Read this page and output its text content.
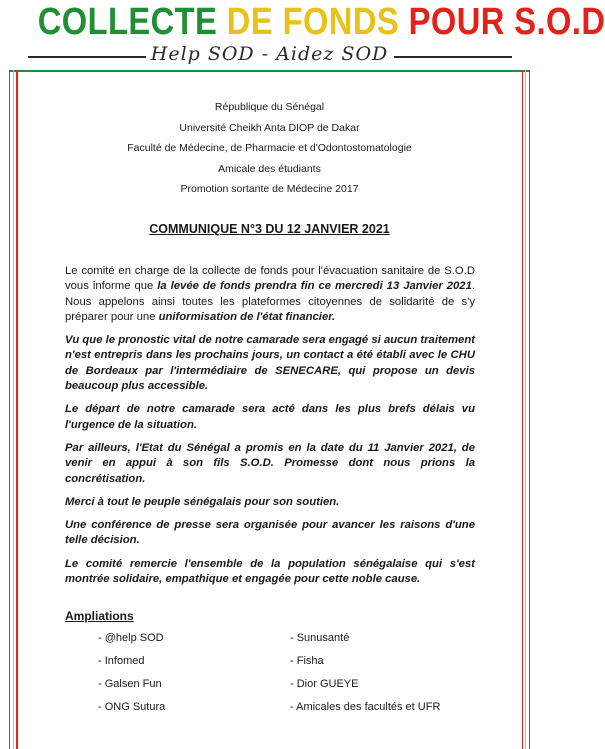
COLLECTE DE FONDS POUR S.O.D
Help SOD - Aidez SOD
République du Sénégal
Université Cheikh Anta DIOP de Dakar
Faculté de Médecine, de Pharmacie et d'Odontostomatologie
Amicale des étudiants
Promotion sortante de Médecine 2017
COMMUNIQUE N°3 DU 12 JANVIER 2021

Le comité en charge de la collecte de fonds pour l'évacuation sanitaire de S.O.D vous informe que la levée de fonds prendra fin ce mercredi 13 Janvier 2021. Nous appelons ainsi toutes les plateformes citoyennes de solidarité de s'y préparer pour une uniformisation de l'état financier.

Vu que le pronostic vital de notre camarade sera engagé si aucun traitement n'est entrepris dans les prochains jours, un contact a été établi avec le CHU de Bordeaux par l'intermédiaire de SENECARE, qui propose un devis beaucoup plus accessible.

Le départ de notre camarade sera acté dans les plus brefs délais vu l'urgence de la situation.

Par ailleurs, l'Etat du Sénégal a promis en la date du 11 Janvier 2021, de venir en appui à son fils S.O.D. Promesse dont nous prions la concrétisation.

Merci à tout le peuple sénégalais pour son soutien.

Une conférence de presse sera organisée pour avancer les raisons d'une telle décision.

Le comité remercie l'ensemble de la population sénégalaise qui s'est montrée solidaire, empathique et engagée pour cette noble cause.

Ampliations
- @help SOD
- Infomed
- Galsen Fun
- ONG Sutura
- Sunusanté
- Fisha
- Dior GUEYE
- Amicales des facultés et UFR
